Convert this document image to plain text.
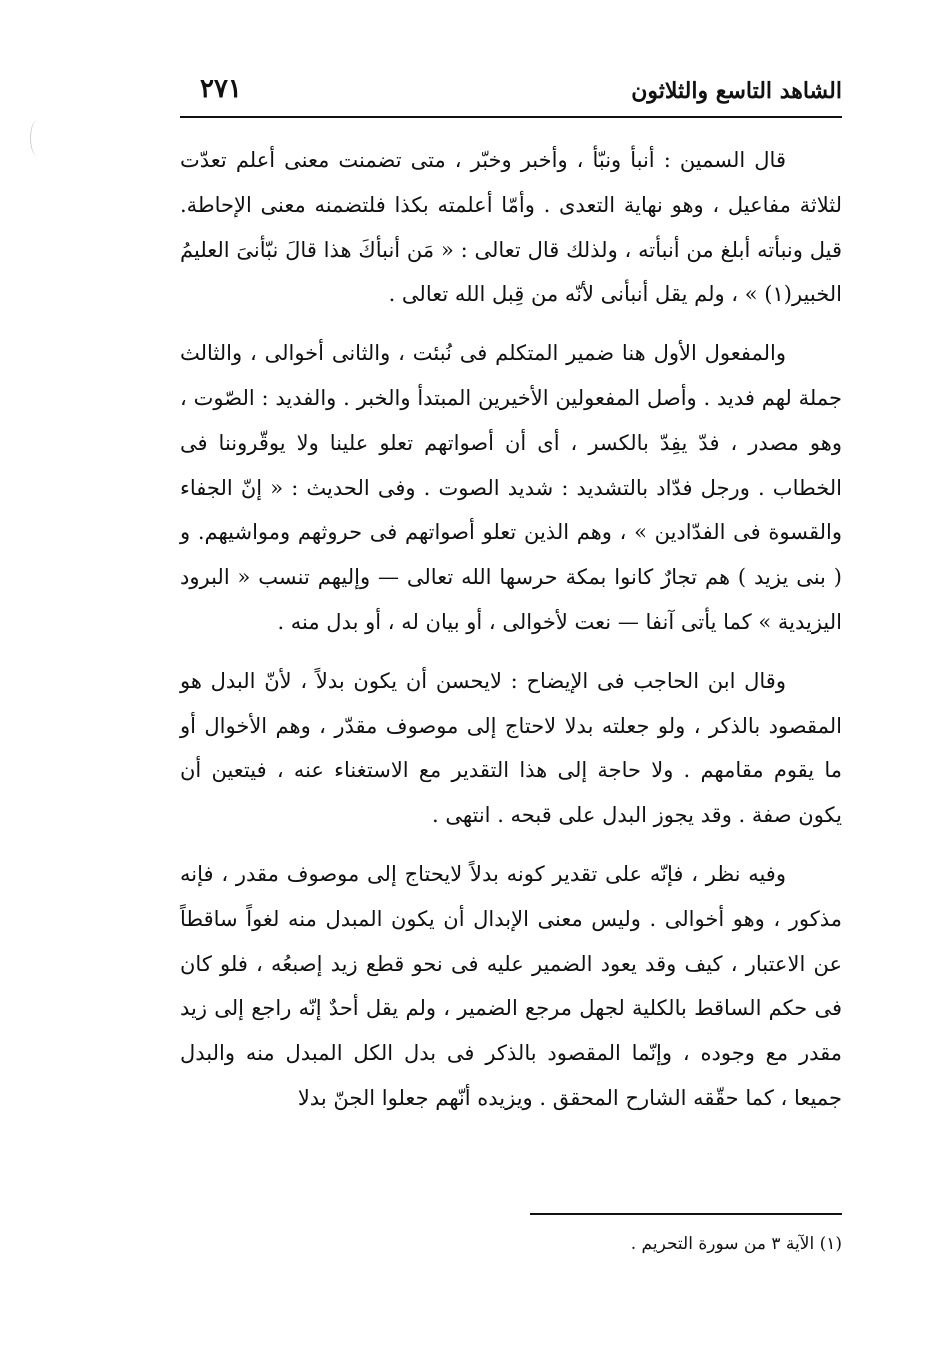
الشاهد التاسع والثلاثون
٢٧١

قال السمين : أنبأ ونبّأ ، وأخبر وخبّر ، متى تضمنت معنى أعلم تعدّت لثلاثة مفاعيل ، وهو نهاية التعدى . وأمّا أعلمته بكذا فلتضمنه معنى الإحاطة. قيل ونبأته أبلغ من أنبأته ، ولذلك قال تعالى : « مَن أنبأكَ هذا قالَ نبّأنىَ العليمُ الخبير(١) » ، ولم يقل أنبأنى لأنّه من قِبل الله تعالى .

والمفعول الأول هنا ضمير المتكلم فى نُبئت ، والثانى أخوالى ، والثالث جملة لهم فديد . وأصل المفعولين الأخيرين المبتدأ والخبر . والفديد : الصّوت ، وهو مصدر ، فدّ يفِدّ بالكسر ، أى أن أصواتهم تعلو علينا ولا يوقّروننا فى الخطاب . ورجل فدّاد بالتشديد : شديد الصوت . وفى الحديث : « إنّ الجفاء والقسوة فى الفدّادين » ، وهم الذين تعلو أصواتهم فى حروثهم ومواشيهم. و ( بنى يزيد ) هم تجارٌ كانوا بمكة حرسها الله تعالى — وإليهم تنسب « البرود اليزيدية » كما يأتى آنفا — نعت لأخوالى ، أو بيان له ، أو بدل منه .

وقال ابن الحاجب فى الإيضاح : لايحسن أن يكون بدلاً ، لأنّ البدل هو المقصود بالذكر ، ولو جعلته بدلا لاحتاج إلى موصوف مقدّر ، وهم الأخوال أو ما يقوم مقامهم . ولا حاجة إلى هذا التقدير مع الاستغناء عنه ، فيتعين أن يكون صفة . وقد يجوز البدل على قبحه . انتهى .

وفيه نظر ، فإنّه على تقدير كونه بدلاً لايحتاج إلى موصوف مقدر ، فإنه مذكور ، وهو أخوالى . وليس معنى الإبدال أن يكون المبدل منه لغواً ساقطاً عن الاعتبار ، كيف وقد يعود الضمير عليه فى نحو قطع زيد إصبعُه ، فلو كان فى حكم الساقط بالكلية لجهل مرجع الضمير ، ولم يقل أحدٌ إنّه راجع إلى زيد مقدر مع وجوده ، وإنّما المقصود بالذكر فى بدل الكل المبدل منه والبدل جميعا ، كما حقّقه الشارح المحقق . ويزيده أنّهم جعلوا الجنّ بدلا

(١) الآية ٣ من سورة التحريم .
